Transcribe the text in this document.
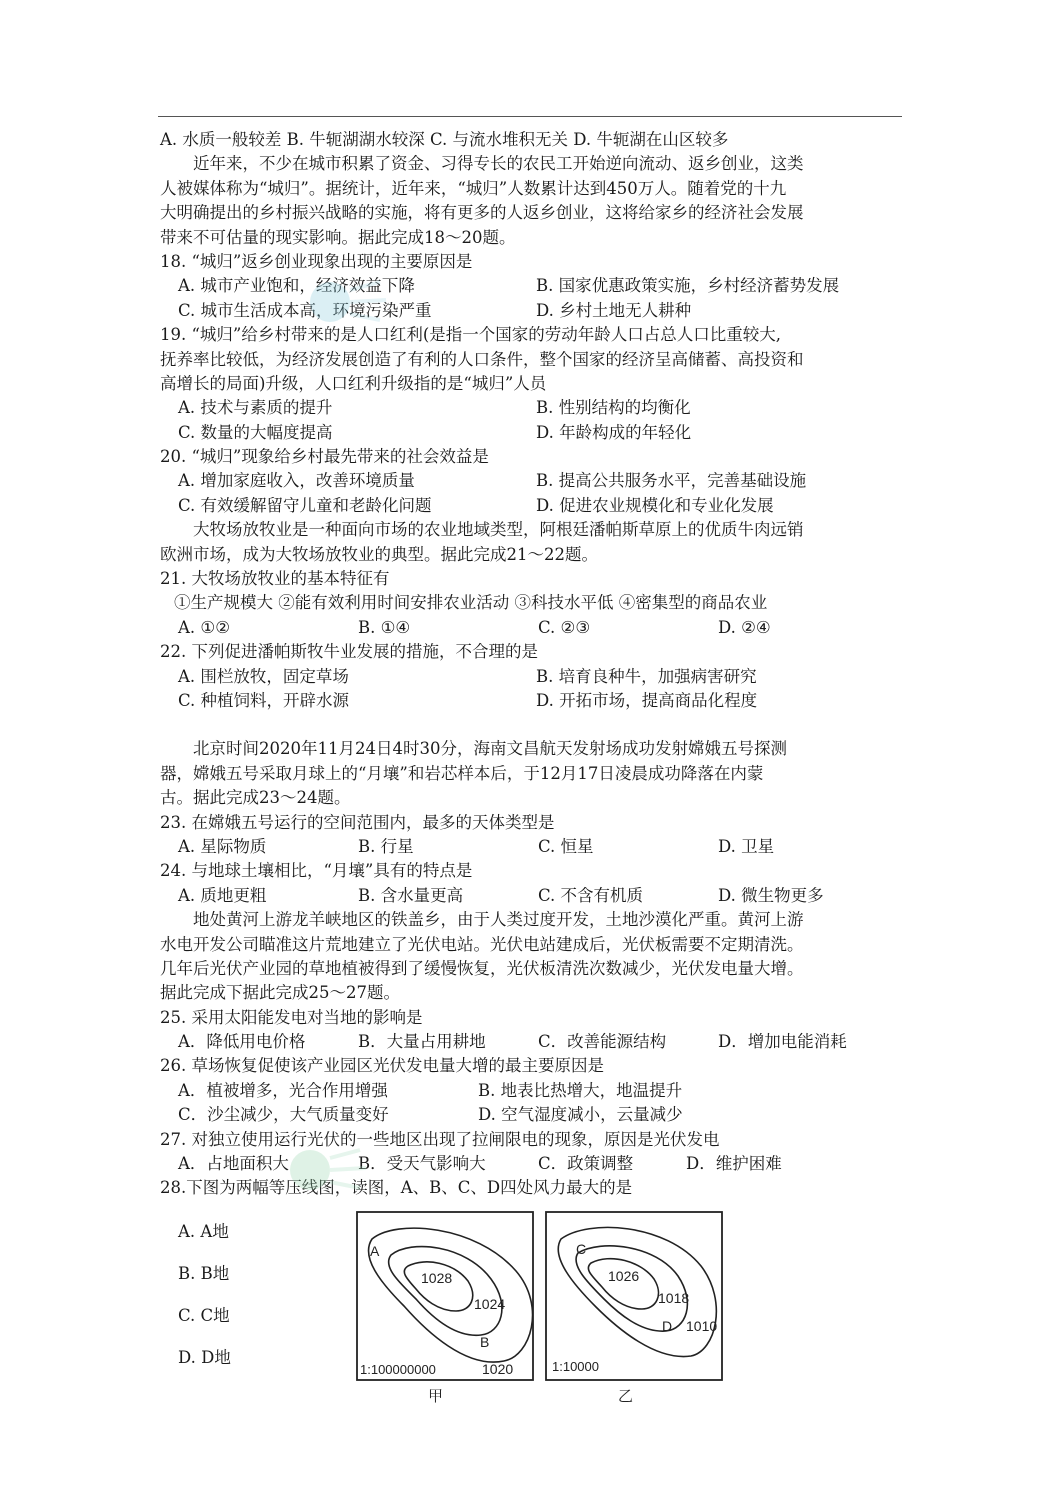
A. 水质一般较差 B. 牛轭湖湖水较深 C. 与流水堆积无关 D. 牛轭湖在山区较多
近年来，不少在城市积累了资金、习得专长的农民工开始逆向流动、返乡创业，这类
人被媒体称为“城归”。据统计，近年来，“城归”人数累计达到450万人。随着党的十九
大明确提出的乡村振兴战略的实施，将有更多的人返乡创业，这将给家乡的经济社会发展
带来不可估量的现实影响。据此完成18～20题。
18. “城归”返乡创业现象出现的主要原因是
A. 城市产业饱和，经济效益下降	B. 国家优惠政策实施，乡村经济蓄势发展
C. 城市生活成本高，环境污染严重	D. 乡村土地无人耕种
19. “城归”给乡村带来的是人口红利(是指一个国家的劳动年龄人口占总人口比重较大,
抚养率比较低，为经济发展创造了有利的人口条件，整个国家的经济呈高储蓄、高投资和
高增长的局面)升级，人口红利升级指的是“城归”人员
A. 技术与素质的提升	B. 性别结构的均衡化
C. 数量的大幅度提高	D. 年龄构成的年轻化
20. “城归”现象给乡村最先带来的社会效益是
A. 增加家庭收入，改善环境质量	B. 提高公共服务水平，完善基础设施
C. 有效缓解留守儿童和老龄化问题	D. 促进农业规模化和专业化发展
大牧场放牧业是一种面向市场的农业地域类型，阿根廷潘帕斯草原上的优质牛肉远销
欧洲市场，成为大牧场放牧业的典型。据此完成21～22题。
21. 大牧场放牧业的基本特征有
①生产规模大 ②能有效利用时间安排农业活动 ③科技水平低 ④密集型的商品农业
A. ①②	B. ①④	C. ②③	D. ②④
22. 下列促进潘帕斯牧牛业发展的措施，不合理的是
A. 围栏放牧，固定草场	B. 培育良种牛，加强病害研究
C. 种植饲料，开辟水源	D. 开拓市场，提高商品化程度
北京时间2020年11月24日4时30分，海南文昌航天发射场成功发射嫦娥五号探测
器，嫦娥五号采取月球上的“月壤”和岩芯样本后，于12月17日凌晨成功降落在内蒙
古。据此完成23～24题。
23. 在嫦娥五号运行的空间范围内，最多的天体类型是
A. 星际物质	B. 行星	C. 恒星	D. 卫星
24. 与地球土壤相比，“月壤”具有的特点是
A. 质地更粗	B. 含水量更高	C. 不含有机质	D. 微生物更多
地处黄河上游龙羊峡地区的铁盖乡，由于人类过度开发，土地沙漠化严重。黄河上游
水电开发公司瞄准这片荒地建立了光伏电站。光伏电站建成后，光伏板需要不定期清洗。
几年后光伏产业园的草地植被得到了缓慢恢复，光伏板清洗次数减少，光伏发电量大增。
据此完成下据此完成25～27题。
25. 采用太阳能发电对当地的影响是
A．降低用电价格	B．大量占用耕地	C．改善能源结构	D．增加电能消耗
26. 草场恢复促使该产业园区光伏发电量大增的最主要原因是
A．植被增多，光合作用增强	B. 地表比热增大，地温提升
C．沙尘减少，大气质量变好	D. 空气湿度减小，云量减少
27. 对独立使用运行光伏的一些地区出现了拉闸限电的现象，原因是光伏发电
A．占地面积大	B．受天气影响大	C．政策调整	D．维护困难
28.下图为两幅等压线图，读图，A、B、C、D四处风力最大的是
A. A地
B. B地
C. C地
D. D地
A
1028
1024
B
1020
1:100000000
甲
C
1026
1018
D 1010
1:10000
乙
